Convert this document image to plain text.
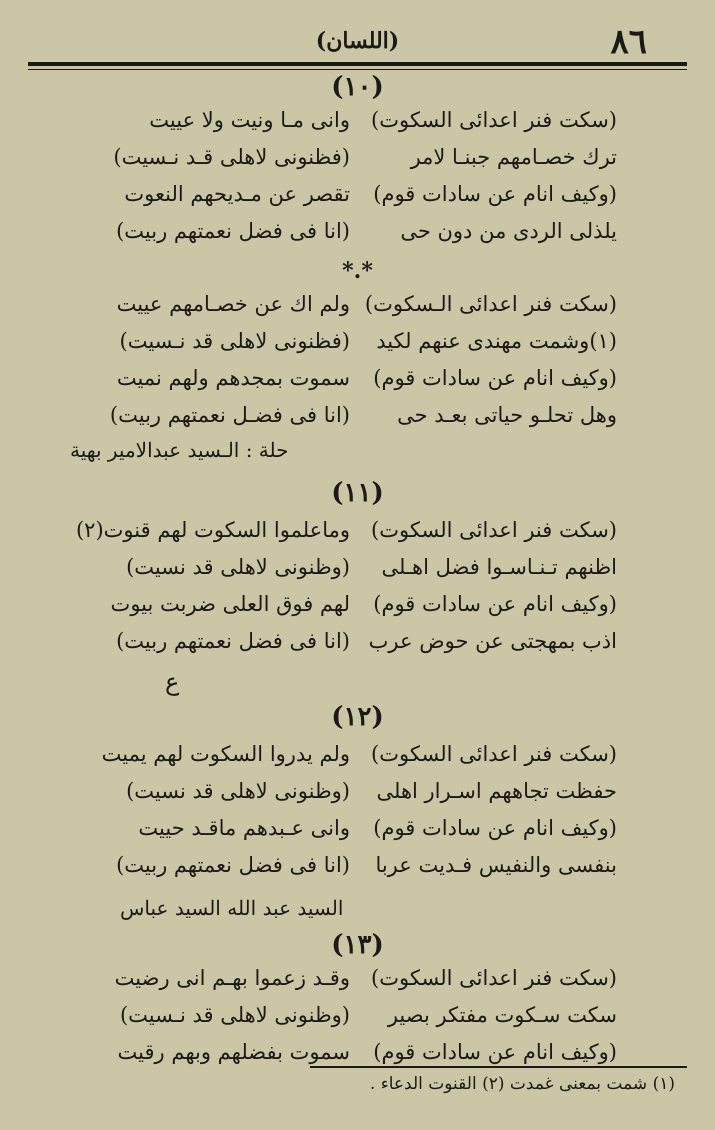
(اللسان)	٨٦
(١٠)
(سكت فنر اعدائى السكوت)
وانى مـا ونيت ولا عييت
ترك خصـامهم جبنـا لامر
(فظنونى لاهلى قـد نـسيت)
(وكيف انام عن سادات قوم)
تقصر عن مـديحهم النعوت
يلذلى الردى من دون حى
(انا فى فضل نعمتهم ربيت)
*.*
(سكت فنر اعدائى الـسكوت)
ولم اك عن خصـامهم عييت
(١)وشمت مهندى عنهم لكيد
(فظنونى لاهلى قد نـسيت)
(وكيف انام عن سادات قوم)
سموت بمجدهم ولهم نميت
وهل تحلـو حياتى بعـد حى
(انا فى فضـل نعمتهم ربيت)
حلة : الـسيد عبدالامير بهية
(١١)
(سكت فنر اعدائى السكوت)
وماعلموا السكوت لهم قنوت(٢)
اظنهم تـنـاسـوا فضل اهـلى
(وظنونى لاهلى قد نسيت)
(وكيف انام عن سادات قوم)
لهم فوق العلى ضربت بيوت
اذب بمهجتى عن حوض عرب
(انا فى فضل نعمتهم ربيت)
ع
(١٢)
(سكت فنر اعدائى السكوت)
ولم يدروا السكوت لهم يميت
حفظت تجاههم اسـرار اهلى
(وظنونى لاهلى قد نسيت)
(وكيف انام عن سادات قوم)
وانى عـبدهم ماقـد حييت
بنفسى والنفيس فـديت عربا
(انا فى فضل نعمتهم ربيت)
السيد عبد الله السيد عباس
(١٣)
(سكت فنر اعدائى السكوت)
وقـد زعموا بهـم انى رضيت
سكت سـكوت مفتكر بصير
(وظنونى لاهلى قد نـسيت)
(وكيف انام عن سادات قوم)
سموت بفضلهم وبهم رقيت
(١) شمت بمعنى غمدت (٢) القنوت الدعاء .
